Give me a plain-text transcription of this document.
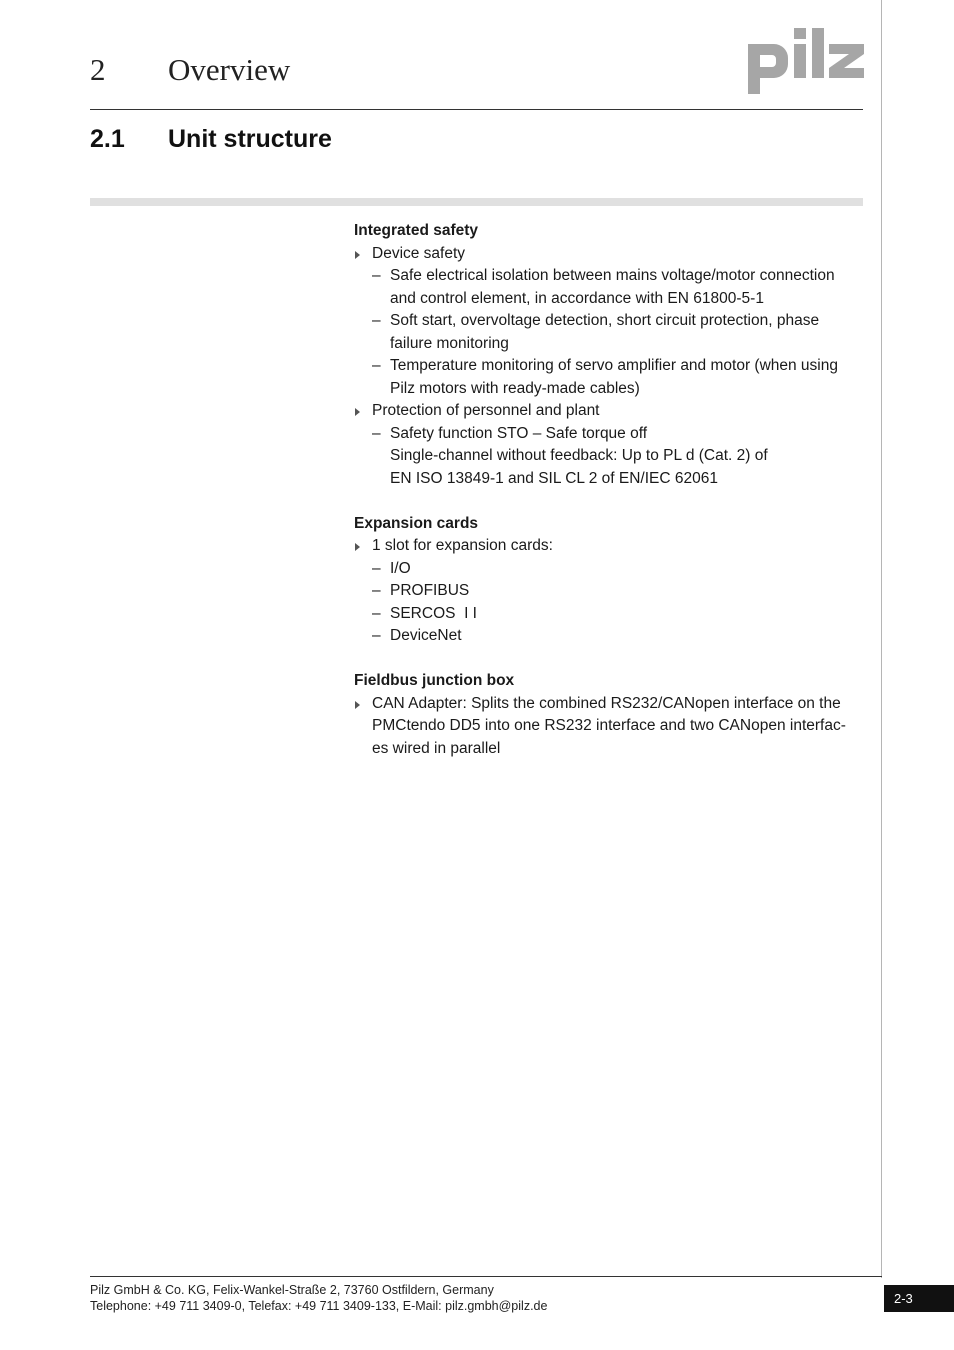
2 Overview
2.1 Unit structure
Integrated safety
Device safety
– Safe electrical isolation between mains voltage/motor connection
and control element, in accordance with EN 61800-5-1
– Soft start, overvoltage detection, short circuit protection, phase
failure monitoring
– Temperature monitoring of servo amplifier and motor (when using
Pilz motors with ready-made cables)
Protection of personnel and plant
– Safety function STO – Safe torque off
Single-channel without feedback: Up to PL d (Cat. 2) of
EN ISO 13849-1 and SIL CL 2 of EN/IEC 62061
Expansion cards
1 slot for expansion cards:
– I/O
– PROFIBUS
– SERCOS  I I
– DeviceNet
Fieldbus junction box
CAN Adapter: Splits the combined RS232/CANopen interface on the
PMCtendo DD5 into one RS232 interface and two CANopen interfac-
es wired in parallel
Pilz GmbH & Co. KG, Felix-Wankel-Straße 2, 73760 Ostfildern, Germany
Telephone: +49 711 3409-0, Telefax: +49 711 3409-133, E-Mail: pilz.gmbh@pilz.de	2-3
